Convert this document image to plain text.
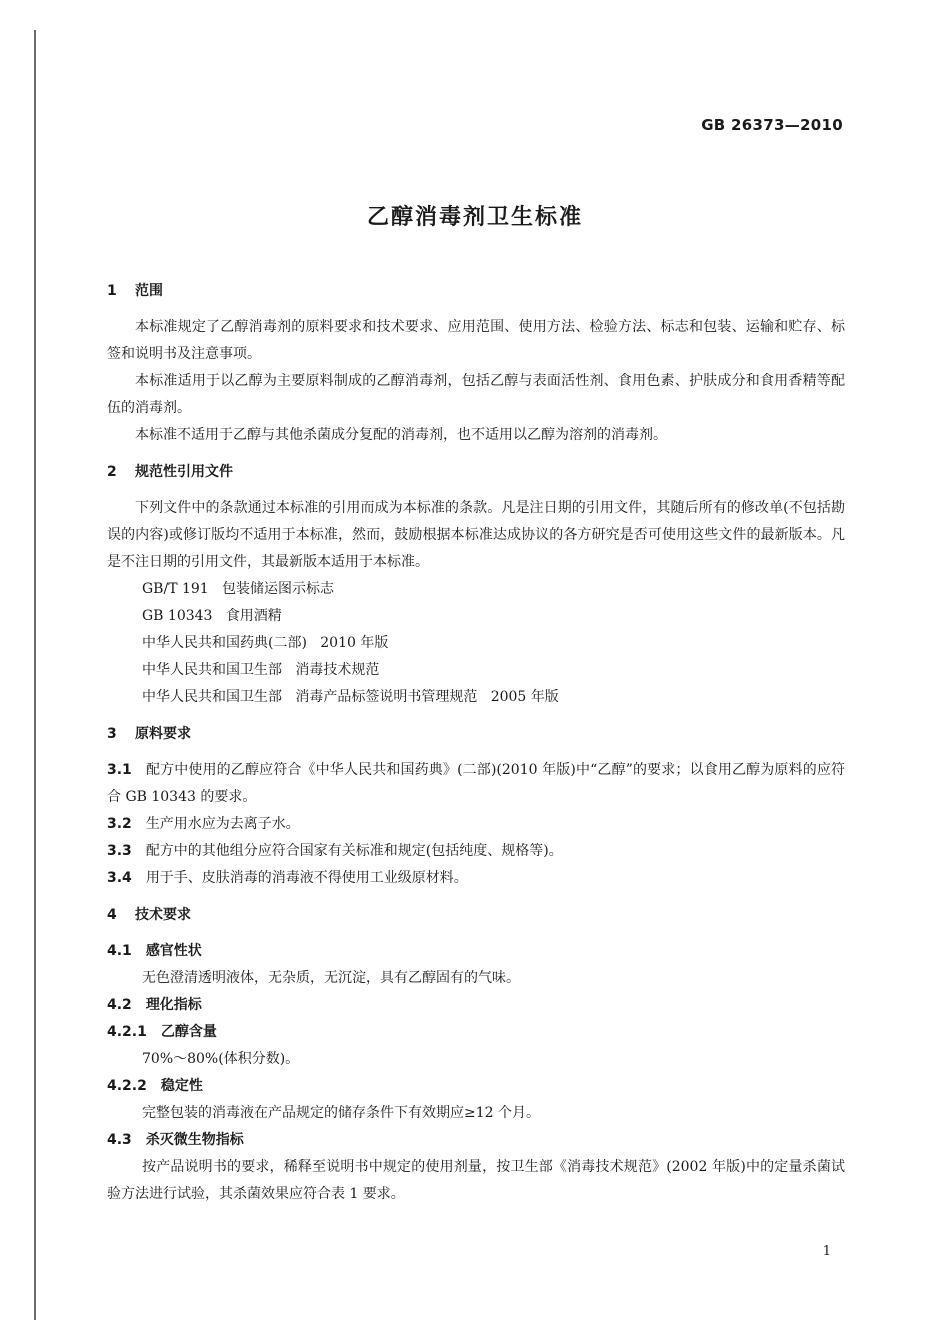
GB 26373—2010
乙醇消毒剂卫生标准
1 范围

本标准规定了乙醇消毒剂的原料要求和技术要求、应用范围、使用方法、检验方法、标志和包装、运输和贮存、标签和说明书及注意事项。

本标准适用于以乙醇为主要原料制成的乙醇消毒剂，包括乙醇与表面活性剂、食用色素、护肤成分和食用香精等配伍的消毒剂。

本标准不适用于乙醇与其他杀菌成分复配的消毒剂，也不适用以乙醇为溶剂的消毒剂。

2 规范性引用文件

下列文件中的条款通过本标准的引用而成为本标准的条款。凡是注日期的引用文件，其随后所有的修改单(不包括勘误的内容)或修订版均不适用于本标准，然而，鼓励根据本标准达成协议的各方研究是否可使用这些文件的最新版本。凡是不注日期的引用文件，其最新版本适用于本标准。

GB/T 191   包装储运图示标志
GB 10343   食用酒精
中华人民共和国药典(二部)   2010 年版
中华人民共和国卫生部   消毒技术规范
中华人民共和国卫生部   消毒产品标签说明书管理规范   2005 年版
3 原料要求
3.1 配方中使用的乙醇应符合《中华人民共和国药典》(二部)(2010 年版)中“乙醇”的要求；以食用乙醇为原料的应符合 GB 10343 的要求。
3.2 生产用水应为去离子水。
3.3 配方中的其他组分应符合国家有关标准和规定(包括纯度、规格等)。
3.4 用于手、皮肤消毒的消毒液不得使用工业级原材料。
4 技术要求
4.1 感官性状
无色澄清透明液体，无杂质，无沉淀，具有乙醇固有的气味。
4.2 理化指标
4.2.1 乙醇含量
70%～80%(体积分数)。
4.2.2 稳定性
完整包装的消毒液在产品规定的储存条件下有效期应≥12 个月。
4.3 杀灭微生物指标
按产品说明书的要求，稀释至说明书中规定的使用剂量，按卫生部《消毒技术规范》(2002 年版)中的定量杀菌试验方法进行试验，其杀菌效果应符合表 1 要求。
1
